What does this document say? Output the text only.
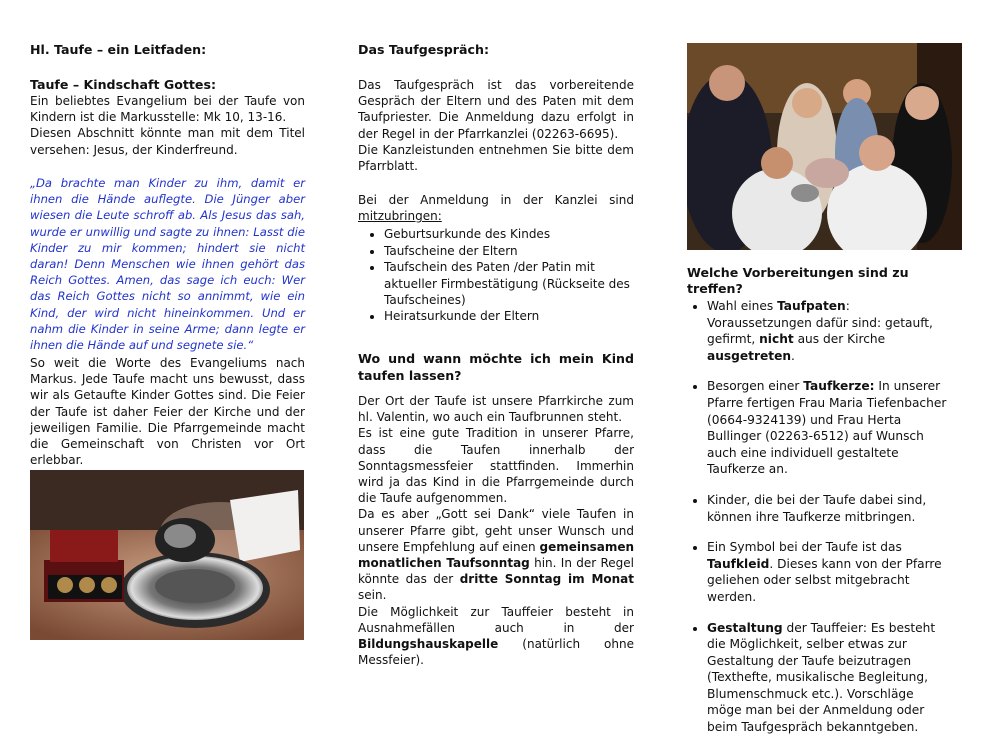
Hl. Taufe – ein Leitfaden:

Taufe – Kindschaft Gottes:

Ein beliebtes Evangelium bei der Taufe von Kindern ist die Markusstelle: Mk 10, 13-16.

Diesen Abschnitt könnte man mit dem Titel versehen: Jesus, der Kinderfreund.

„Da brachte man Kinder zu ihm, damit er ihnen die Hände auflegte. Die Jünger aber wiesen die Leute schroff ab. Als Jesus das sah, wurde er unwillig und sagte zu ihnen: Lasst die Kinder zu mir kommen; hindert sie nicht daran! Denn Menschen wie ihnen gehört das Reich Gottes. Amen, das sage ich euch: Wer das Reich Gottes nicht so annimmt, wie ein Kind, der wird nicht hineinkommen. Und er nahm die Kinder in seine Arme; dann legte er ihnen die Hände auf und segnete sie.“

So weit die Worte des Evangeliums nach Markus. Jede Taufe macht uns bewusst, dass wir als Getaufte Kinder Gottes sind. Die Feier der Taufe ist daher Feier der Kirche und der jeweiligen Familie. Die Pfarrgemeinde macht die Gemeinschaft von Christen vor Ort erlebbar.

Das Taufgespräch:

Das Taufgespräch ist das vorbereitende Gespräch der Eltern und des Paten mit dem Taufpriester. Die Anmeldung dazu erfolgt in der Regel in der Pfarrkanzlei (02263-6695).

Die Kanzleistunden entnehmen Sie bitte dem Pfarrblatt.

Bei der Anmeldung in der Kanzlei sind mitzubringen:

• Geburtsurkunde des Kindes
• Taufscheine der Eltern
• Taufschein des Paten /der Patin mit aktueller Firmbestätigung (Rückseite des Taufscheines)
• Heiratsurkunde der Eltern

Wo und wann möchte ich mein Kind taufen lassen?

Der Ort der Taufe ist unsere Pfarrkirche zum hl. Valentin, wo auch ein Taufbrunnen steht.

Es ist eine gute Tradition in unserer Pfarre, dass die Taufen innerhalb der Sonntagsmessfeier stattfinden. Immerhin wird ja das Kind in die Pfarrgemeinde durch die Taufe aufgenommen.

Da es aber „Gott sei Dank“ viele Taufen in unserer Pfarre gibt, geht unser Wunsch und unsere Empfehlung auf einen gemeinsamen monatlichen Taufsonntag hin. In der Regel könnte das der dritte Sonntag im Monat sein.

Die Möglichkeit zur Tauffeier besteht in Ausnahmefällen auch in der Bildungshauskapelle (natürlich ohne Messfeier).

Welche Vorbereitungen sind zu treffen?

• Wahl eines Taufpaten: Voraussetzungen dafür sind: getauft, gefirmt, nicht aus der Kirche ausgetreten.
• Besorgen einer Taufkerze: In unserer Pfarre fertigen Frau Maria Tiefenbacher (0664-9324139) und Frau Herta Bullinger (02263-6512) auf Wunsch auch eine individuell gestaltete Taufkerze an.
• Kinder, die bei der Taufe dabei sind, können ihre Taufkerze mitbringen.
• Ein Symbol bei der Taufe ist das Taufkleid. Dieses kann von der Pfarre geliehen oder selbst mitgebracht werden.
• Gestaltung der Tauffeier: Es besteht die Möglichkeit, selber etwas zur Gestaltung der Taufe beizutragen (Texthefte, musikalische Begleitung, Blumenschmuck etc.). Vorschläge möge man bei der Anmeldung oder beim Taufgespräch bekanntgeben.
